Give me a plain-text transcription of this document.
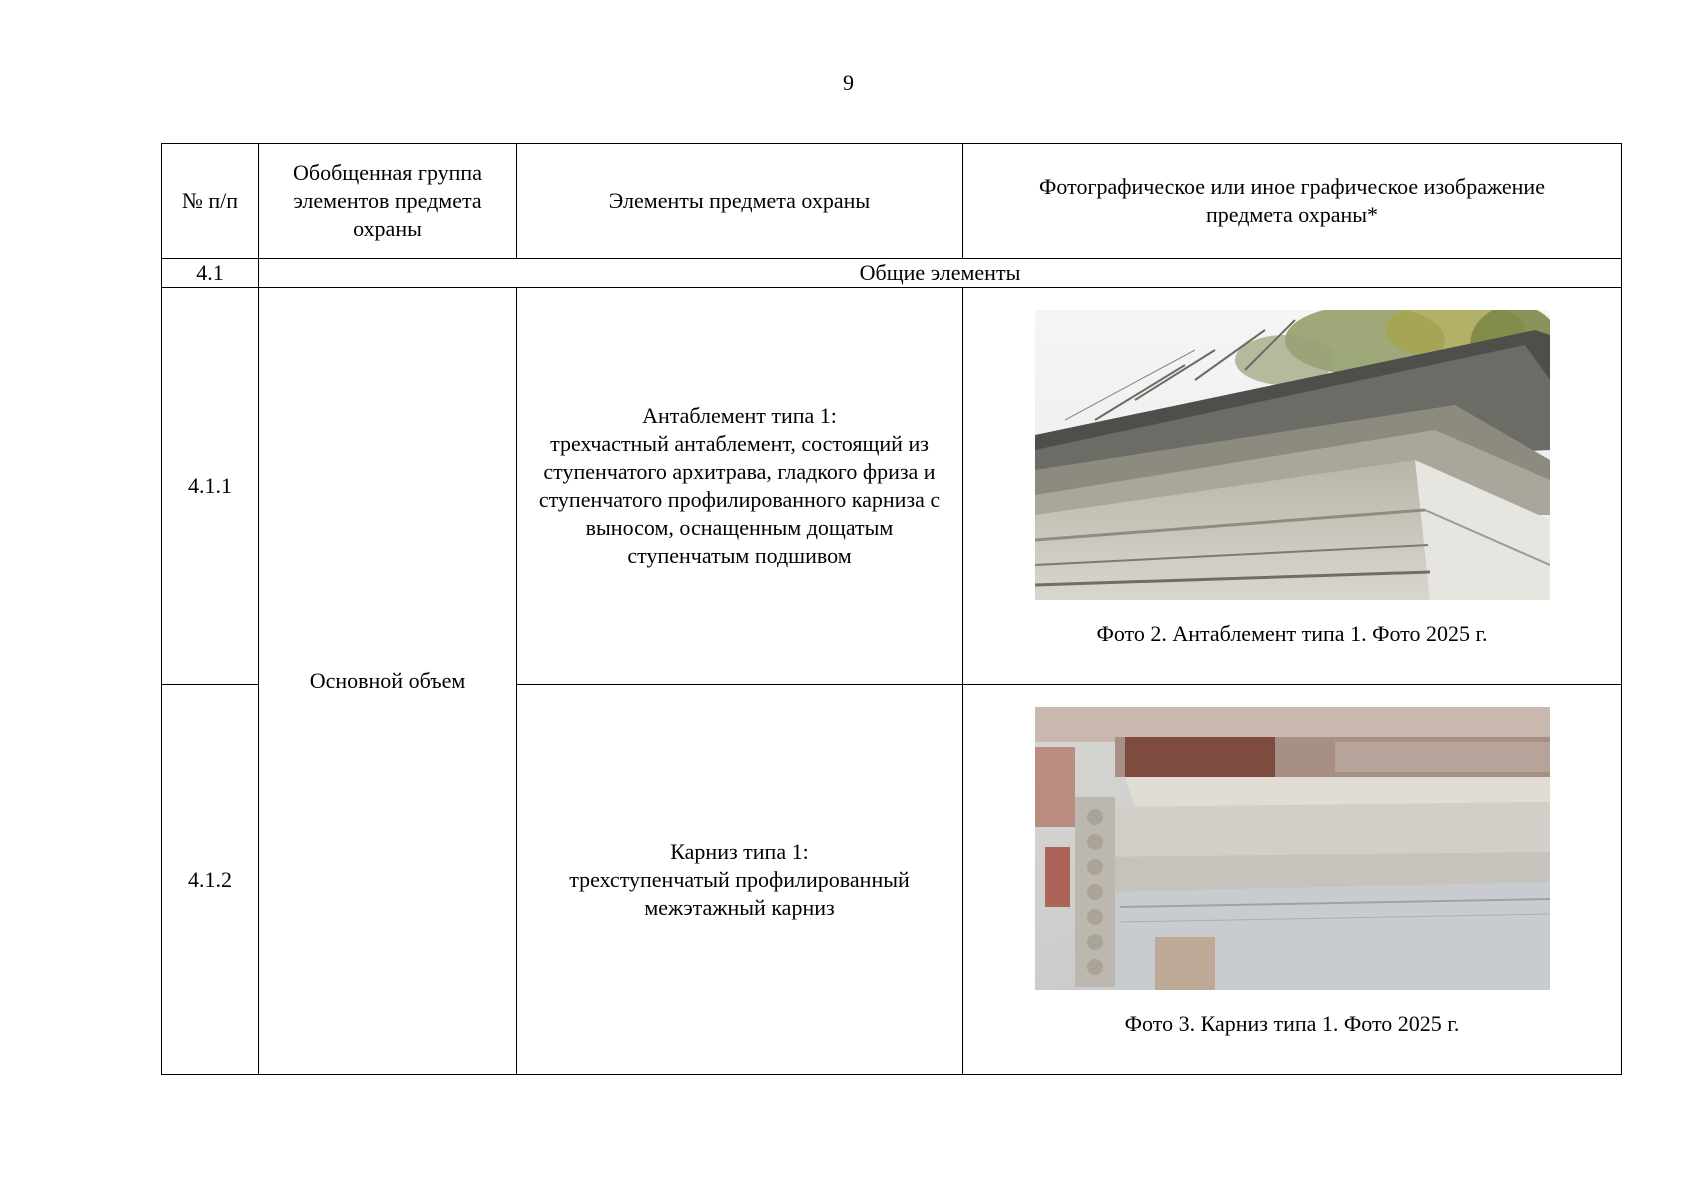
9
№ п/п	Обобщенная группа элементов предмета охраны	Элементы предмета охраны	Фотографическое или иное графическое изображение предмета охраны*

4.1	Общие элементы		
4.1.1	Основной объем	Антаблемент типа 1:
трехчастный антаблемент, состоящий из ступенчатого архитрава, гладкого фриза и ступенчатого профилированного карниза с выносом, оснащенным дощатым ступенчатым подшивом	Фото 2. Антаблемент типа 1. Фото 2025 г.

4.1.2		Карниз типа 1:
трехступенчатый профилированный межэтажный карниз	Фото 3. Карниз типа 1. Фото 2025 г.
